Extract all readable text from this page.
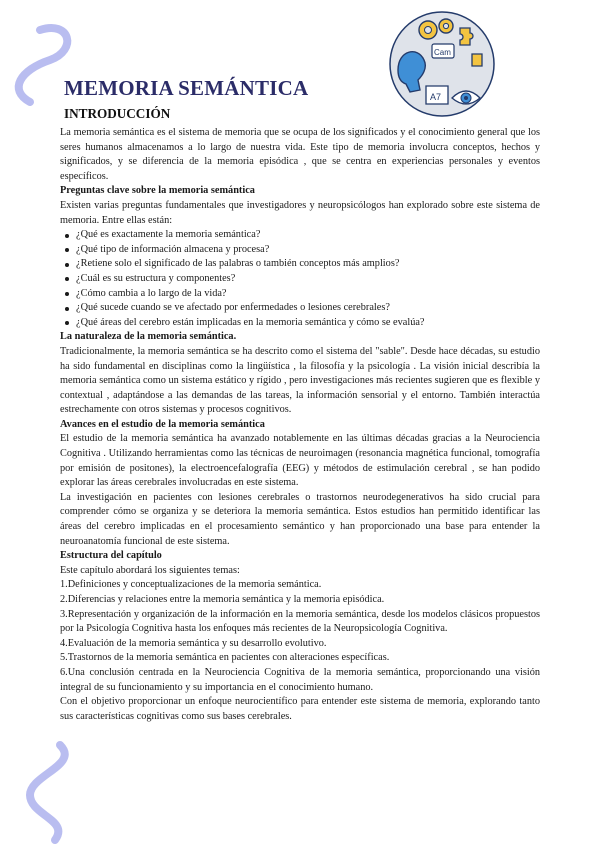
Cam
A7
MEMORIA SEMÁNTICA
INTRODUCCIÓN

La memoria semántica es el sistema de memoria que se ocupa de los significados y el conocimiento general que los seres humanos almacenamos a lo largo de nuestra vida. Este tipo de memoria involucra conceptos, hechos y significados, y se diferencia de la memoria episódica , que se centra en experiencias personales y eventos específicos.

Preguntas clave sobre la memoria semántica

Existen varias preguntas fundamentales que investigadores y neuropsicólogos han explorado sobre este sistema de memoria. Entre ellas están:

¿Qué es exactamente la memoria semántica?
¿Qué tipo de información almacena y procesa?
¿Retiene solo el significado de las palabras o también conceptos más amplios?
¿Cuál es su estructura y componentes?
¿Cómo cambia a lo largo de la vida?
¿Qué sucede cuando se ve afectado por enfermedades o lesiones cerebrales?
¿Qué áreas del cerebro están implicadas en la memoria semántica y cómo se evalúa?
La naturaleza de la memoria semántica.

Tradicionalmente, la memoria semántica se ha descrito como el sistema del "sable". Desde hace décadas, su estudio ha sido fundamental en disciplinas como la lingüística , la filosofía y la psicología . La visión inicial describía la memoria semántica como un sistema estático y rígido , pero investigaciones más recientes sugieren que es flexible y contextual , adaptándose a las demandas de las tareas, la información sensorial y el entorno. También interactúa estrechamente con otros sistemas y procesos cognitivos.

Avances en el estudio de la memoria semántica

El estudio de la memoria semántica ha avanzado notablemente en las últimas décadas gracias a la Neurociencia Cognitiva . Utilizando herramientas como las técnicas de neuroimagen (resonancia magnética funcional, tomografía por emisión de positones), la electroencefalografía (EEG) y métodos de estimulación cerebral , se han podido explorar las áreas cerebrales involucradas en este sistema.

La investigación en pacientes con lesiones cerebrales o trastornos neurodegenerativos ha sido crucial para comprender cómo se organiza y se deteriora la memoria semántica. Estos estudios han permitido identificar las áreas del cerebro implicadas en el procesamiento semántico y han proporcionado una base para entender la neuroanatomía funcional de este sistema.

Estructura del capítulo

Este capítulo abordará los siguientes temas:

1.Definiciones y conceptualizaciones de la memoria semántica.
2.Diferencias y relaciones entre la memoria semántica y la memoria episódica.
3.Representación y organización de la información en la memoria semántica, desde los modelos clásicos propuestos por la Psicología Cognitiva hasta los enfoques más recientes de la Neuropsicología Cognitiva.
4.Evaluación de la memoria semántica y su desarrollo evolutivo.
5.Trastornos de la memoria semántica en pacientes con alteraciones específicas.
6.Una conclusión centrada en la Neurociencia Cognitiva de la memoria semántica, proporcionando una visión integral de su funcionamiento y su importancia en el conocimiento humano.

Con el objetivo proporcionar un enfoque neurocientífico para entender este sistema de memoria, explorando tanto sus características cognitivas como sus bases cerebrales.
